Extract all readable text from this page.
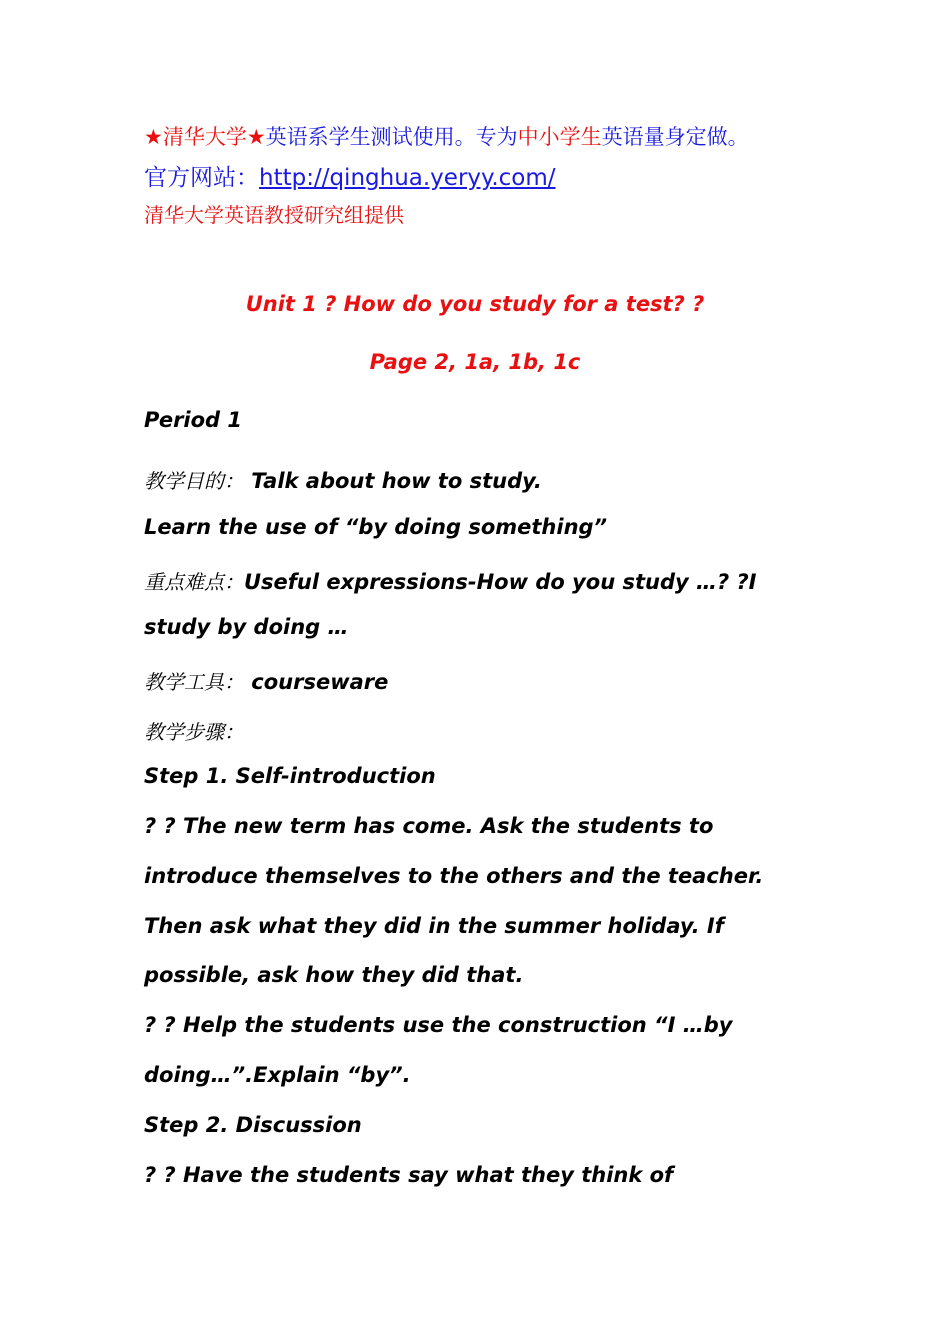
★清华大学★英语系学生测试使用。专为中小学生英语量身定做。
官方网站：http://qinghua.yeryy.com/
清华大学英语教授研究组提供
Unit 1 ? How do you study for a test? ?
Page 2, 1a, 1b, 1c
Period 1
教学目的： Talk about how to study.
Learn the use of “by doing something”
重点难点：Useful expressions-How do you study …? ?I
study by doing …
教学工具： courseware
教学步骤：
Step 1. Self-introduction
? ? The new term has come. Ask the students to
introduce themselves to the others and the teacher.
Then ask what they did in the summer holiday. If
possible, ask how they did that.
? ? Help the students use the construction “I …by
doing…”.Explain “by”.
Step 2. Discussion
? ? Have the students say what they think of
